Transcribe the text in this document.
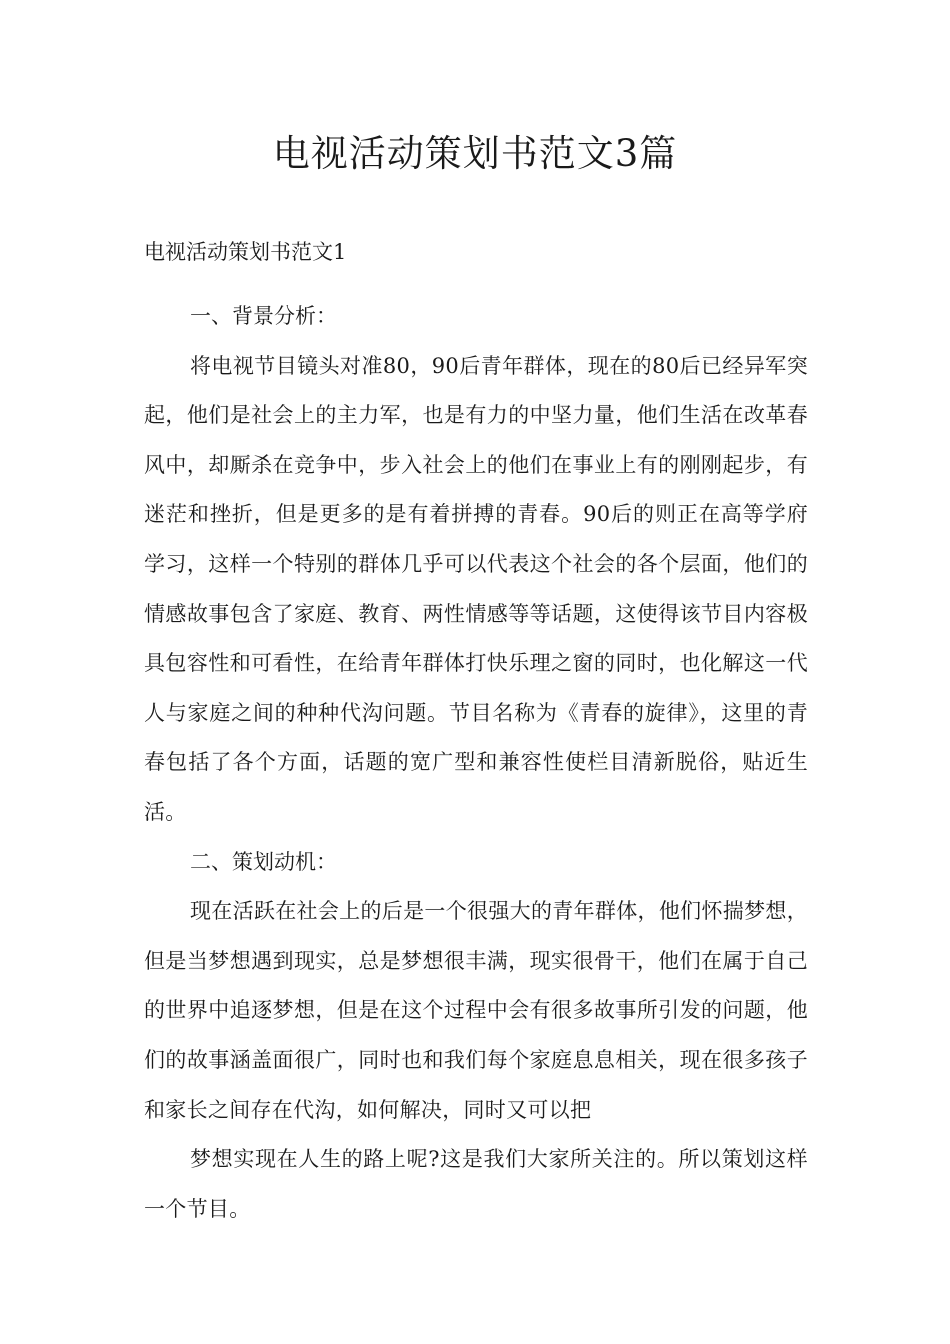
电视活动策划书范文3篇

电视活动策划书范文1

一、背景分析：

将电视节目镜头对准80，90后青年群体，现在的80后已经异军突起，他们是社会上的主力军，也是有力的中坚力量，他们生活在改革春风中，却厮杀在竞争中，步入社会上的他们在事业上有的刚刚起步，有迷茫和挫折，但是更多的是有着拼搏的青春。90后的则正在高等学府学习，这样一个特别的群体几乎可以代表这个社会的各个层面，他们的情感故事包含了家庭、教育、两性情感等等话题，这使得该节目内容极具包容性和可看性，在给青年群体打快乐理之窗的同时，也化解这一代人与家庭之间的种种代沟问题。节目名称为《青春的旋律》，这里的青春包括了各个方面，话题的宽广型和兼容性使栏目清新脱俗，贴近生活。

二、策划动机：

现在活跃在社会上的后是一个很强大的青年群体，他们怀揣梦想，但是当梦想遇到现实，总是梦想很丰满，现实很骨干，他们在属于自己的世界中追逐梦想，但是在这个过程中会有很多故事所引发的问题，他们的故事涵盖面很广，同时也和我们每个家庭息息相关，现在很多孩子和家长之间存在代沟，如何解决，同时又可以把

梦想实现在人生的路上呢?这是我们大家所关注的。所以策划这样一个节目。
